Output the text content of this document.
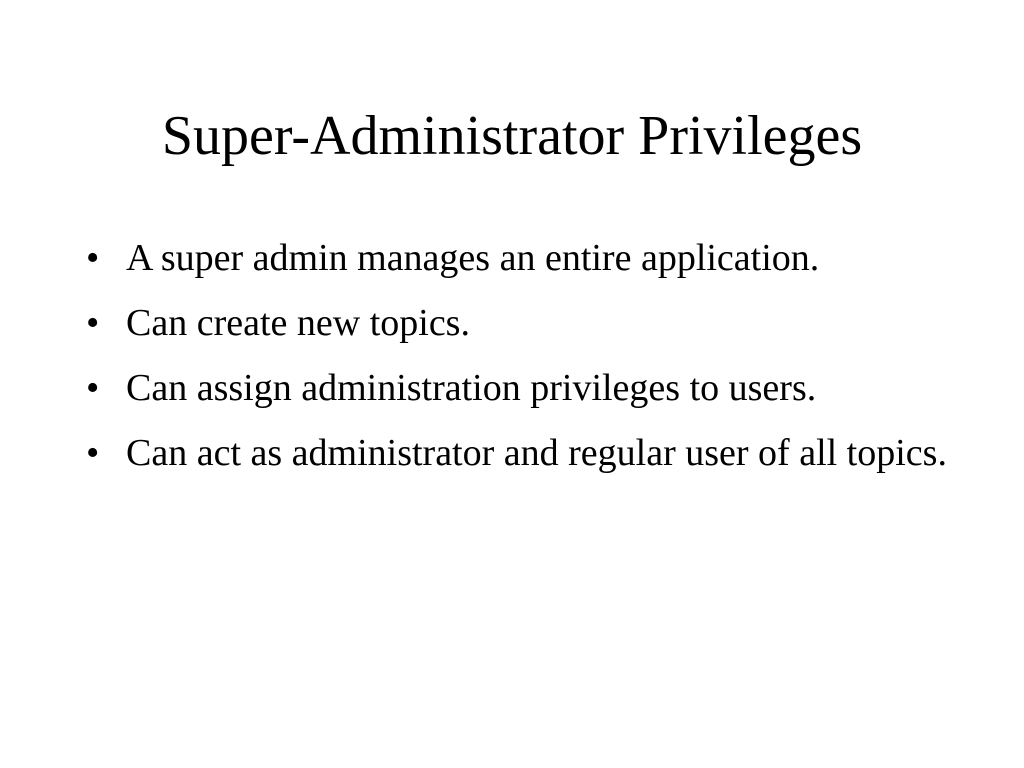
Super-Administrator Privileges
• A super admin manages an entire application.
• Can create new topics.
• Can assign administration privileges to users.
• Can act as administrator and regular user of all topics.
